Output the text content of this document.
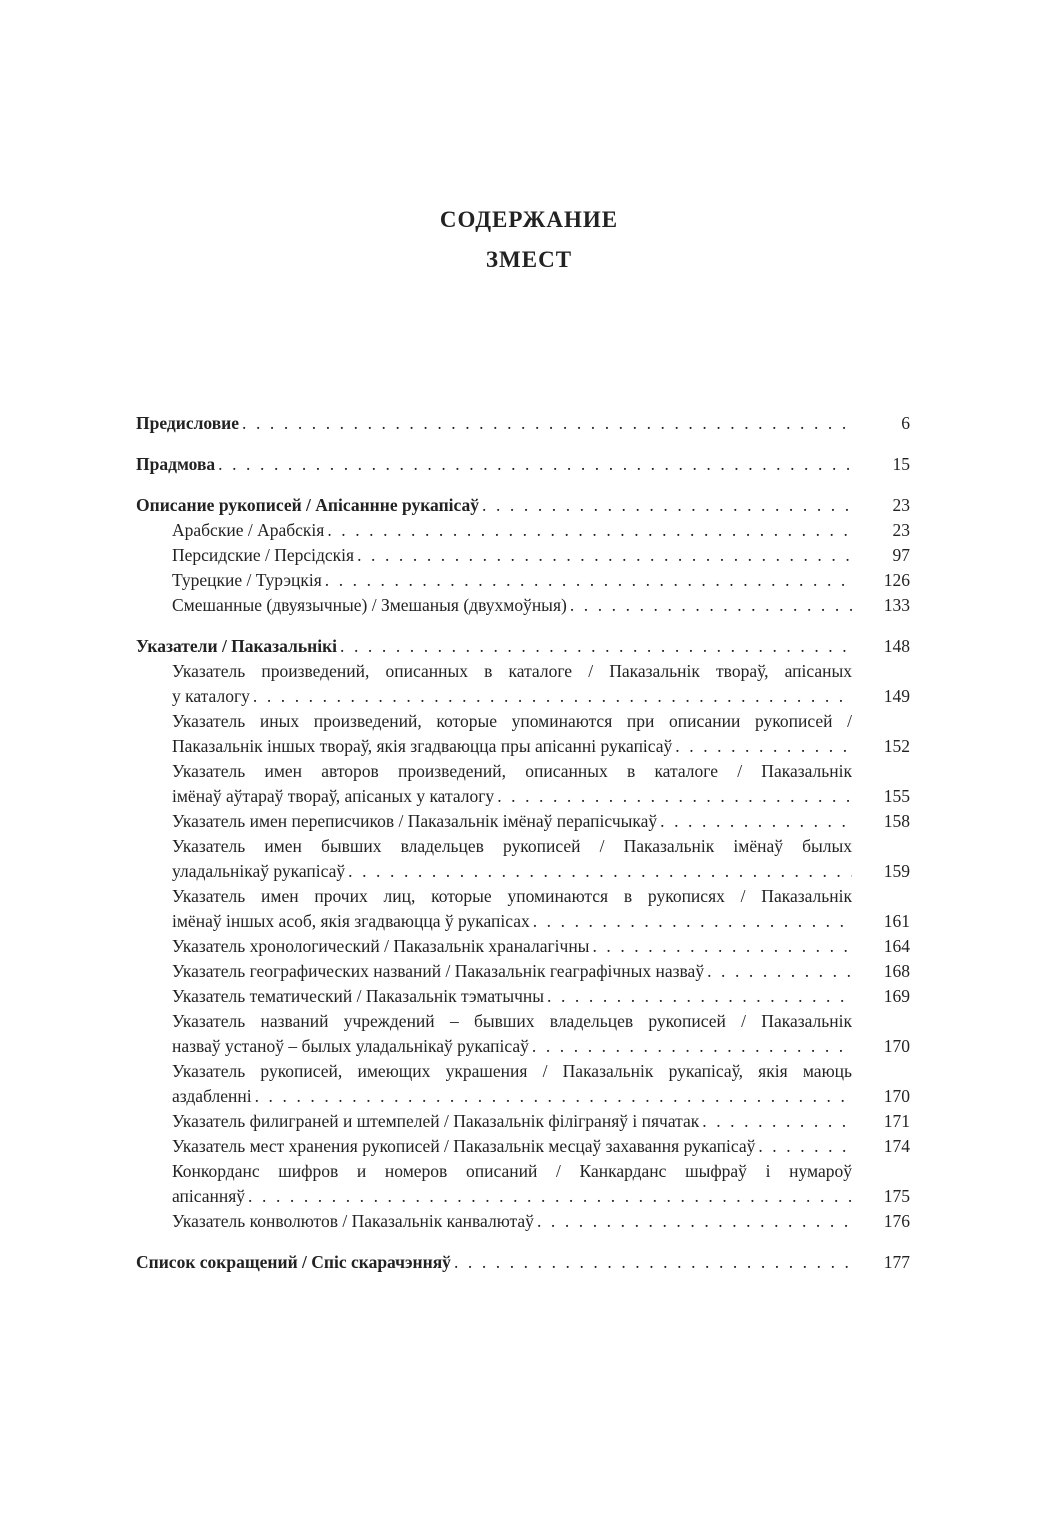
СОДЕРЖАНИЕ
ЗМЕСТ
Предисловие . . .	6
Прадмова . . .	15
Описание рукописей / Апісаннне рукапісаў . . .	23
Арабские / Арабскія . . .	23
Персидские / Персідскія . . .	97
Турецкие / Турэцкія . . .	126
Смешанные (двуязычные) / Змешаныя (двухмоўныя) . . .	133
Указатели / Паказальнікі . . .	148
Указатель произведений, описанных в каталоге / Паказальнік твораў, апісаных
у каталогу . . .	149
Указатель иных произведений, которые упоминаются при описании рукописей /
Паказальнік іншых твораў, якія згадваюцца пры апісанні рукапісаў . . .	152
Указатель имен авторов произведений, описанных в каталоге / Паказальнік
імёнаў аўтараў твораў, апісаных у каталогу . . .	155
Указатель имен переписчиков / Паказальнік імёнаў перапісчыкаў . . .	158
Указатель имен бывших владельцев рукописей / Паказальнік імёнаў былых
уладальнікаў рукапісаў . . .	159
Указатель имен прочих лиц, которые упоминаются в рукописях / Паказальнік
імёнаў іншых асоб, якія згадваюцца ў рукапісах . . .	161
Указатель хронологический / Паказальнік храналагічны . . .	164
Указатель географических названий / Паказальнік геаграфічных назваў . . .	168
Указатель тематический / Паказальнік тэматычны . . .	169
Указатель названий учреждений – бывших владельцев рукописей / Паказальнік
назваў устаноў – былых уладальнікаў рукапісаў . . .	170
Указатель рукописей, имеющих украшения / Паказальнік рукапісаў, якія маюць
аздабленні . . .	170
Указатель филиграней и штемпелей / Паказальнік філіграняў і пячатак . . .	171
Указатель мест хранения рукописей / Паказальнік месцаў захавання рукапісаў . . .	174
Конкорданс шифров и номеров описаний / Канкарданс шыфраў і нумароў
апісанняў . . .	175
Указатель конволютов / Паказальнік канвалютаў . . .	176
Список сокращений / Спіс скарачэнняў . . .	177
